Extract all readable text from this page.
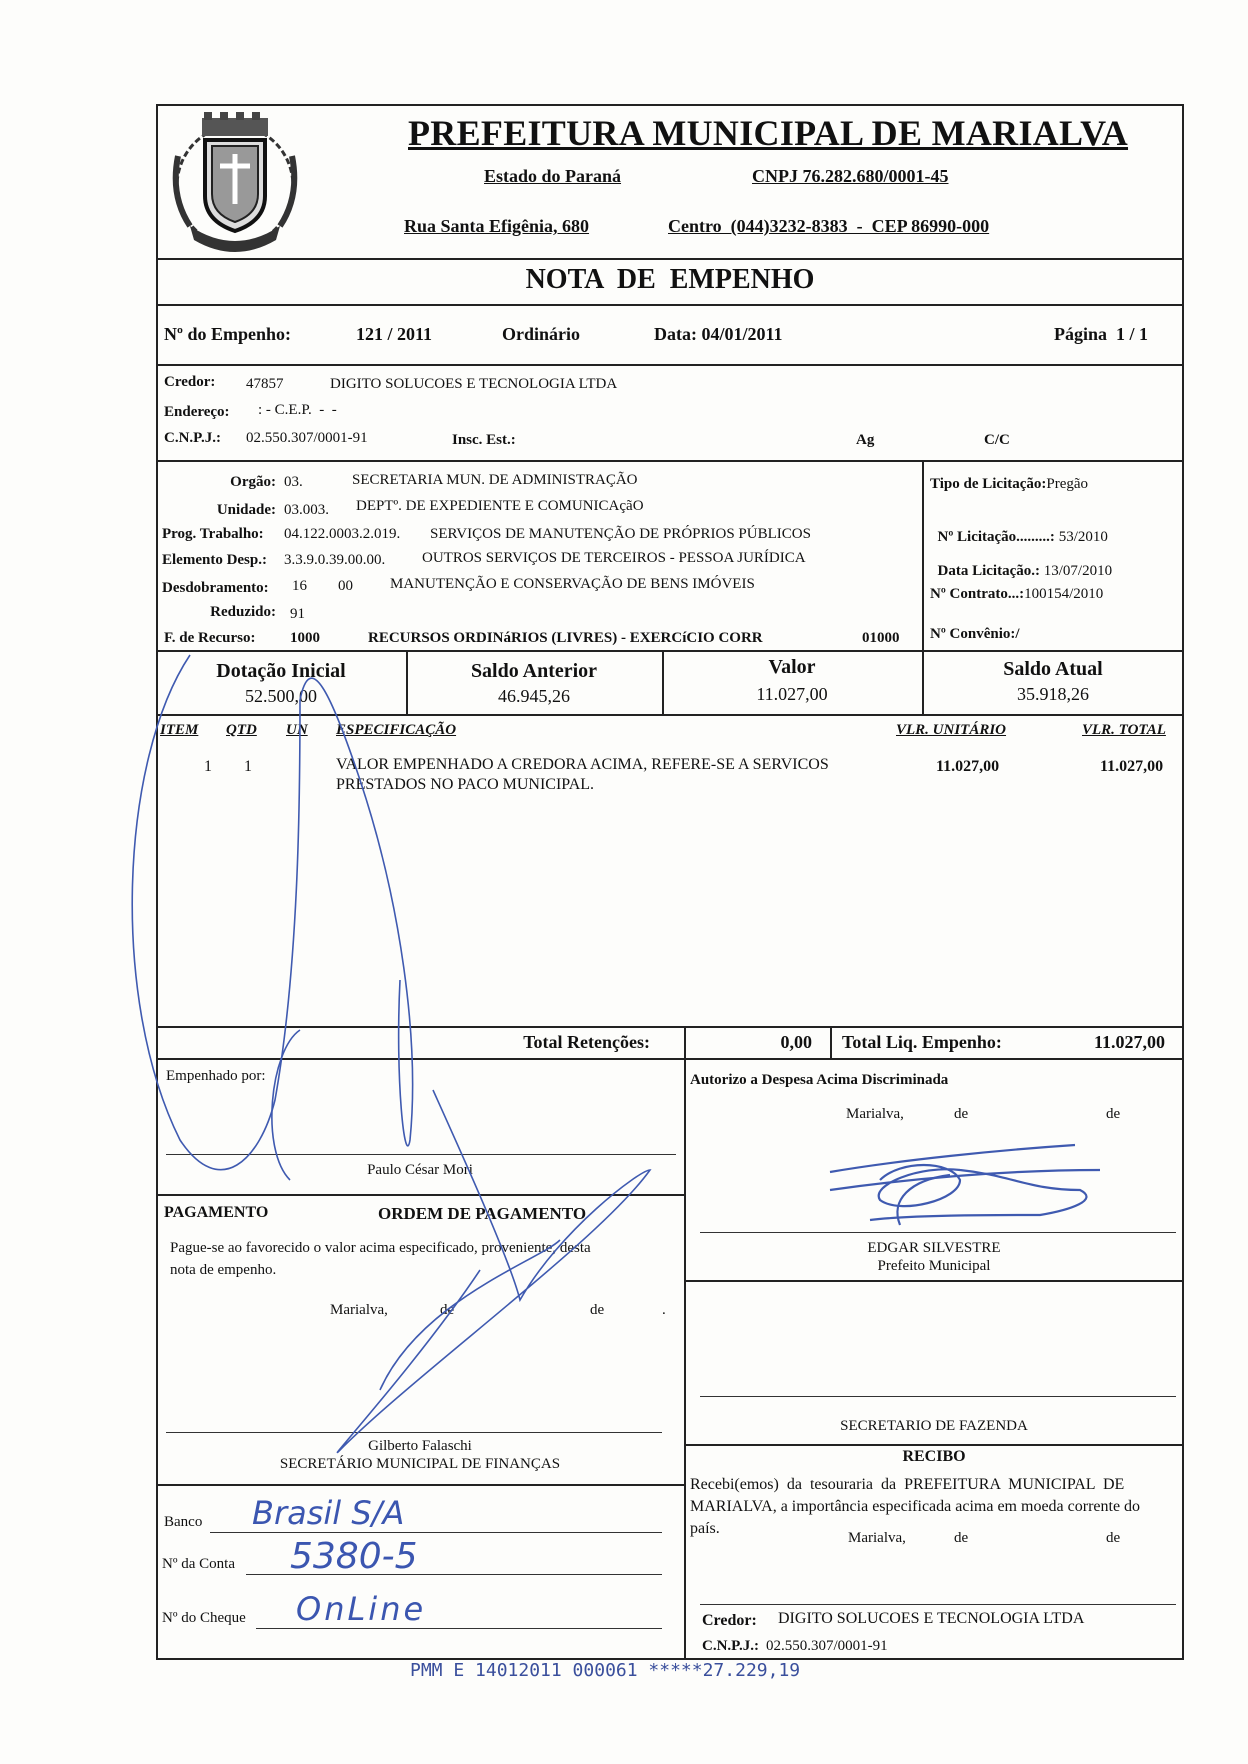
PREFEITURA MUNICIPAL DE MARIALVA
Estado do Paraná	CNPJ 76.282.680/0001-45
Rua Santa Efigênia, 680	Centro  (044)3232-8383  -  CEP 86990-000
NOTA  DE  EMPENHO
Nº do Empenho:	121 / 2011	Ordinário	Data: 04/01/2011	Página  1 / 1
Credor: 47857	DIGITO SOLUCOES E TECNOLOGIA LTDA
Endereço: : - C.E.P.  -  -
C.N.P.J.: 02.550.307/0001-91	Insc. Est.:	Ag	C/C
Orgão: 03.	SECRETARIA MUN. DE ADMINISTRAÇÃO
Unidade: 03.003. DEPTº. DE EXPEDIENTE E COMUNICAçãO
Prog. Trabalho: 04.122.0003.2.019. SERVIÇOS DE MANUTENÇÃO DE PRÓPRIOS PÚBLICOS
Elemento Desp.: 3.3.9.0.39.00.00. OUTROS SERVIÇOS DE TERCEIROS - PESSOA JURÍDICA
Desdobramento: 16 00 MANUTENÇÃO E CONSERVAÇÃO DE BENS IMÓVEIS
Reduzido: 91
F. de Recurso: 1000	RECURSOS ORDINáRIOS (LIVRES) - EXERCíCIO CORR	01000
Tipo de Licitação:Pregão

Nº Licitação.........: 53/2010

Data Licitação.: 13/07/2010

Nº Contrato...:100154/2010
Nº Convênio:/
Dotação Inicial
52.500,00
Saldo Anterior
46.945,26
Valor
11.027,00
Saldo Atual
35.918,26
ITEM QTD UN ESPECIFICAÇÃO	VLR. UNITÁRIO	VLR. TOTAL
1 1	VALOR EMPENHADO A CREDORA ACIMA, REFERE-SE A SERVICOS
PRESTADOS NO PACO MUNICIPAL.
11.027,00	11.027,00
Total Retenções:	0,00 Total Liq. Empenho:	11.027,00
Empenhado por:
Paulo César Mori
PAGAMENTO	ORDEM DE PAGAMENTO
Pague-se ao favorecido o valor acima especificado, proveniente, desta
nota de empenho.
Marialva,	de	de	.
Gilberto Falaschi
SECRETÁRIO MUNICIPAL DE FINANÇAS
Banco Brasil S/A
Nº da Conta 5380-5
Nº do Cheque OnLine
Autorizo a Despesa Acima Discriminada
Marialva,	de	de
EDGAR SILVESTRE
Prefeito Municipal
SECRETARIO DE FAZENDA
RECIBO
Recebi(emos)  da  tesouraria  da  PREFEITURA  MUNICIPAL  DE
MARIALVA, a importância especificada acima em moeda corrente do
país.
Marialva,	de	de
Credor: DIGITO SOLUCOES E TECNOLOGIA LTDA
C.N.P.J.: 02.550.307/0001-91
PMM E 14012011 000061 *****27.229,19
